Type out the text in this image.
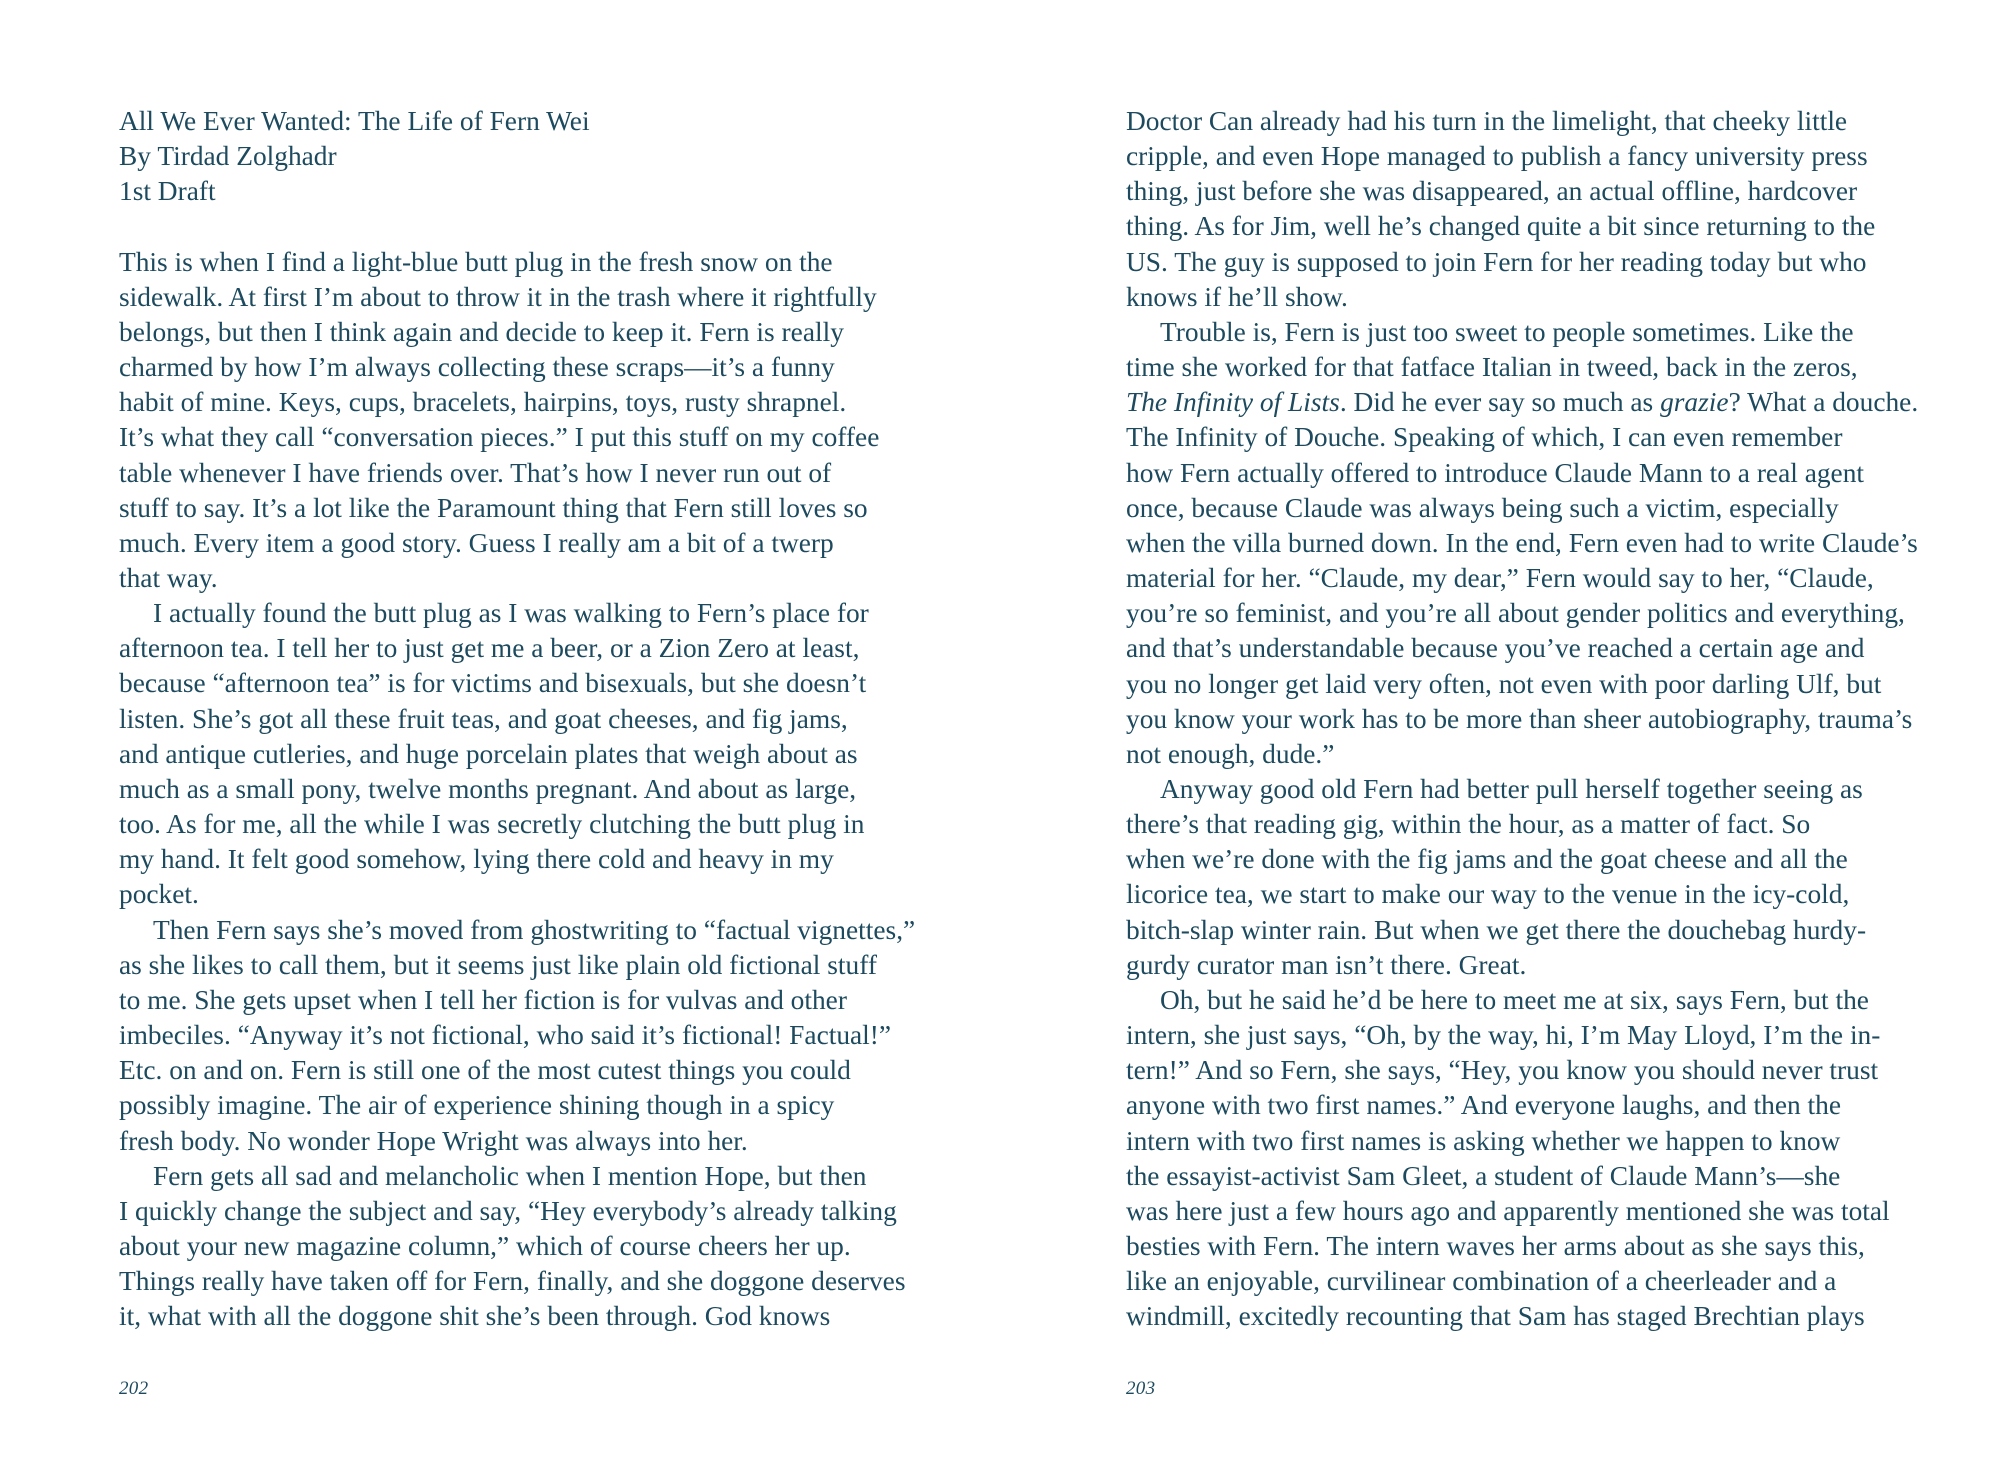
All We Ever Wanted: The Life of Fern Wei
By Tirdad Zolghadr
1st Draft
This is when I find a light-blue butt plug in the fresh snow on the
sidewalk. At first I’m about to throw it in the trash where it rightfully
belongs, but then I think again and decide to keep it. Fern is really
charmed by how I’m always collecting these scraps—it’s a funny
habit of mine. Keys, cups, bracelets, hairpins, toys, rusty shrapnel.
It’s what they call “conversation pieces.” I put this stuff on my coffee
table whenever I have friends over. That’s how I never run out of
stuff to say. It’s a lot like the Paramount thing that Fern still loves so
much. Every item a good story. Guess I really am a bit of a twerp
that way.
I actually found the butt plug as I was walking to Fern’s place for
afternoon tea. I tell her to just get me a beer, or a Zion Zero at least,
because “afternoon tea” is for victims and bisexuals, but she doesn’t
listen. She’s got all these fruit teas, and goat cheeses, and fig jams,
and antique cutleries, and huge porcelain plates that weigh about as
much as a small pony, twelve months pregnant. And about as large,
too. As for me, all the while I was secretly clutching the butt plug in
my hand. It felt good somehow, lying there cold and heavy in my
pocket.
Then Fern says she’s moved from ghostwriting to “factual vignettes,”
as she likes to call them, but it seems just like plain old fictional stuff
to me. She gets upset when I tell her fiction is for vulvas and other
imbeciles. “Anyway it’s not fictional, who said it’s fictional! Factual!”
Etc. on and on. Fern is still one of the most cutest things you could
possibly imagine. The air of experience shining though in a spicy
fresh body. No wonder Hope Wright was always into her.
Fern gets all sad and melancholic when I mention Hope, but then
I quickly change the subject and say, “Hey everybody’s already talking
about your new magazine column,” which of course cheers her up.
Things really have taken off for Fern, finally, and she doggone deserves
it, what with all the doggone shit she’s been through. God knows
202
Doctor Can already had his turn in the limelight, that cheeky little
cripple, and even Hope managed to publish a fancy university press
thing, just before she was disappeared, an actual offline, hardcover
thing. As for Jim, well he’s changed quite a bit since returning to the
US. The guy is supposed to join Fern for her reading today but who
knows if he’ll show.
Trouble is, Fern is just too sweet to people sometimes. Like the
time she worked for that fatface Italian in tweed, back in the zeros,
The Infinity of Lists. Did he ever say so much as grazie? What a douche.
The Infinity of Douche. Speaking of which, I can even remember
how Fern actually offered to introduce Claude Mann to a real agent
once, because Claude was always being such a victim, especially
when the villa burned down. In the end, Fern even had to write Claude’s
material for her. “Claude, my dear,” Fern would say to her, “Claude,
you’re so feminist, and you’re all about gender politics and everything,
and that’s understandable because you’ve reached a certain age and
you no longer get laid very often, not even with poor darling Ulf, but
you know your work has to be more than sheer autobiography, trauma’s
not enough, dude.”
Anyway good old Fern had better pull herself together seeing as
there’s that reading gig, within the hour, as a matter of fact. So
when we’re done with the fig jams and the goat cheese and all the
licorice tea, we start to make our way to the venue in the icy-cold,
bitch-slap winter rain. But when we get there the douchebag hurdy-
gurdy curator man isn’t there. Great.
Oh, but he said he’d be here to meet me at six, says Fern, but the
intern, she just says, “Oh, by the way, hi, I’m May Lloyd, I’m the in-
tern!” And so Fern, she says, “Hey, you know you should never trust
anyone with two first names.” And everyone laughs, and then the
intern with two first names is asking whether we happen to know
the essayist-activist Sam Gleet, a student of Claude Mann’s—she
was here just a few hours ago and apparently mentioned she was total
besties with Fern. The intern waves her arms about as she says this,
like an enjoyable, curvilinear combination of a cheerleader and a
windmill, excitedly recounting that Sam has staged Brechtian plays
203
